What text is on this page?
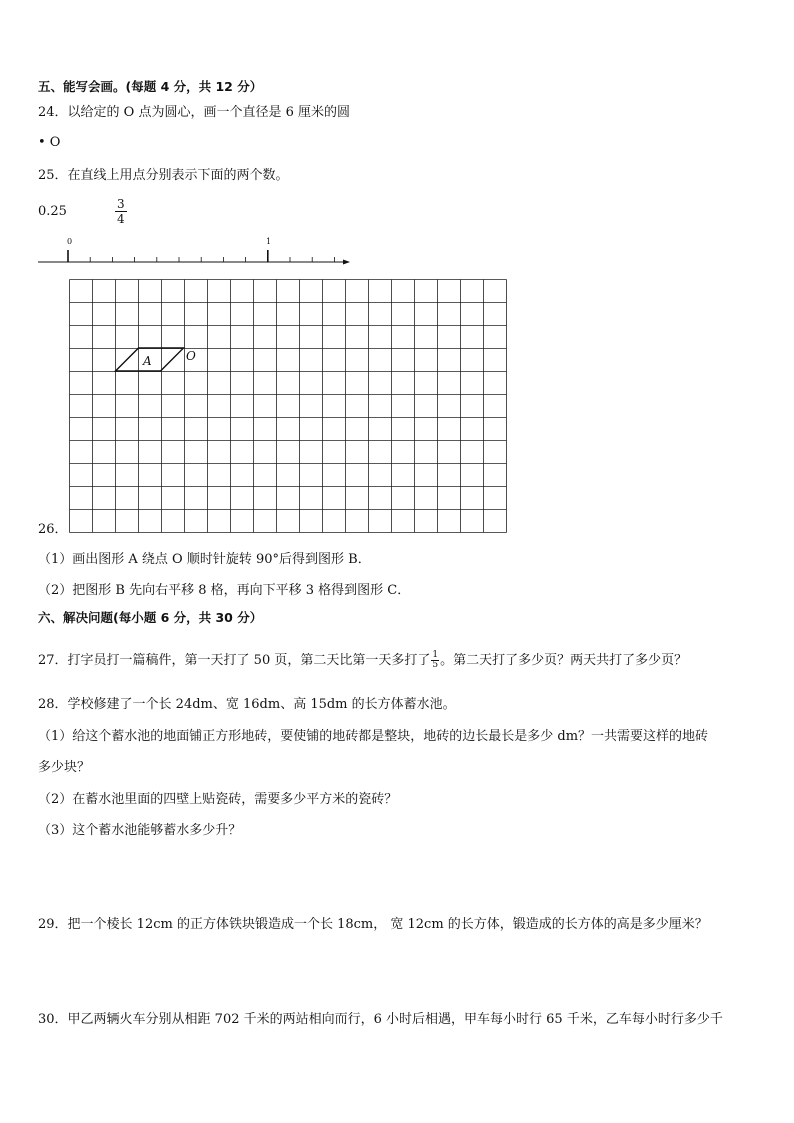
五、能写会画。(每题 4 分，共 12 分）
24．以给定的 O 点为圆心，画一个直径是 6 厘米的圆
• O
25．在直线上用点分别表示下面的两个数。
0.25	$\frac{3}{4}$
0	1
A	O
26．
（1）画出图形 A 绕点 O 顺时针旋转 90°后得到图形 B．
（2）把图形 B 先向右平移 8 格，再向下平移 3 格得到图形 C．
六、解决问题(每小题 6 分，共 30 分）
27．打字员打一篇稿件，第一天打了 50 页，第二天比第一天多打了 $\frac{1}{5}$ 。第二天打了多少页？两天共打了多少页？
28．学校修建了一个长 24dm、宽 16dm、高 15dm 的长方体蓄水池。
（1）给这个蓄水池的地面铺正方形地砖，要使铺的地砖都是整块，地砖的边长最长是多少 dm？一共需要这样的地砖
多少块？
（2）在蓄水池里面的四壁上贴瓷砖，需要多少平方米的瓷砖？
（3）这个蓄水池能够蓄水多少升？
29．把一个棱长 12cm 的正方体铁块锻造成一个长 18cm， 宽 12cm 的长方体，锻造成的长方体的高是多少厘米？
30．甲乙两辆火车分别从相距 702 千米的两站相向而行，6 小时后相遇，甲车每小时行 65 千米，乙车每小时行多少千
